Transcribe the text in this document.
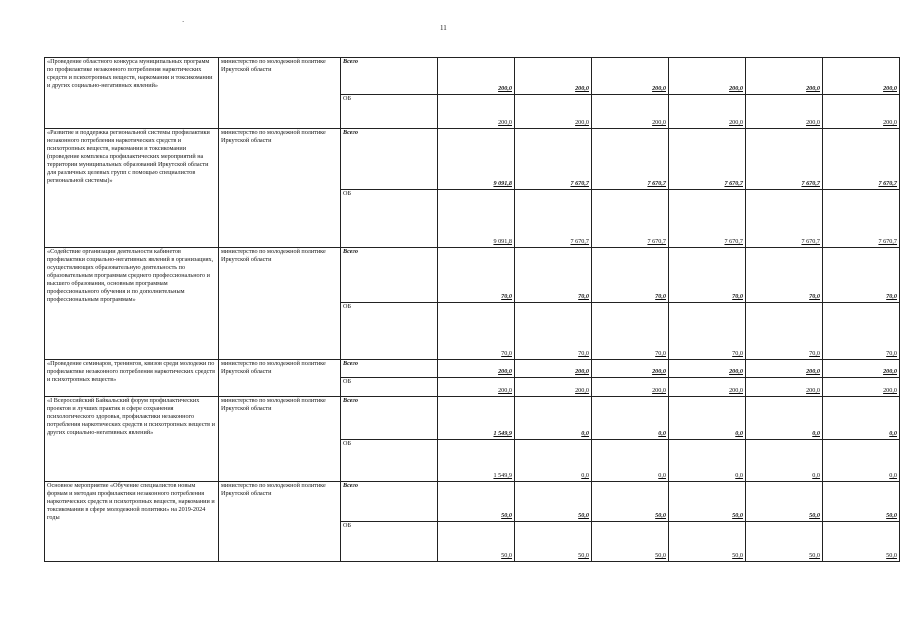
`	11
«Проведение областного конкурса муниципальных программ по профилактике незаконного потребления наркотических средств и психотропных веществ, наркомании и токсикомании и других социально-негативных явлений»	министерство по молодежной политике Иркутской области	Всего	200,0	200,0	200,0	200,0	200,0	200,0
		ОБ	200,0	200,0	200,0	200,0	200,0	200,0
«Развитие и поддержка региональной системы профилактики незаконного потребления наркотических средств и психотропных веществ, наркомании и токсикомании (проведение комплекса профилактических мероприятий на территории муниципальных образований Иркутской области для различных целевых групп с помощью специалистов региональной системы)»	министерство по молодежной политике Иркутской области	Всего	9 091,8	7 670,7	7 670,7	7 670,7	7 670,7	7 670,7
		ОБ	9 091,8	7 670,7	7 670,7	7 670,7	7 670,7	7 670,7
«Содействие организации деятельности кабинетов профилактики социально-негативных явлений в организациях, осуществляющих образовательную деятельность по образовательным программам среднего профессионального и высшего образования, основным программам профессионального обучения и по дополнительным профессиональным программам»	министерство по молодежной политике Иркутской области	Всего	70,0	70,0	70,0	70,0	70,0	70,0
		ОБ	70,0	70,0	70,0	70,0	70,0	70,0
«Проведение семинаров, тренингов, квизов среди молодежи по профилактике незаконного потребления наркотических средств и психотропных веществ»	министерство по молодежной политике Иркутской области	Всего	200,0	200,0	200,0	200,0	200,0	200,0
		ОБ	200,0	200,0	200,0	200,0	200,0	200,0
«I Всероссийский Байкальский форум профилактических проектов и лучших практик в сфере сохранения психологического здоровья, профилактики незаконного потребления наркотических средств и психотропных веществ и других социально-негативных явлений»	министерство по молодежной политике Иркутской области	Всего	1 549,9	0,0	0,0	0,0	0,0	0,0
		ОБ	1 549,9	0,0	0,0	0,0	0,0	0,0
Основное мероприятие «Обучение специалистов новым формам и методам профилактики незаконного потребления наркотических средств и психотропных веществ, наркомании и токсикомании в сфере молодежной политики» на 2019-2024 годы	министерство по молодежной политике Иркутской области	Всего	50,0	50,0	50,0	50,0	50,0	50,0
		ОБ	50,0	50,0	50,0	50,0	50,0	50,0
